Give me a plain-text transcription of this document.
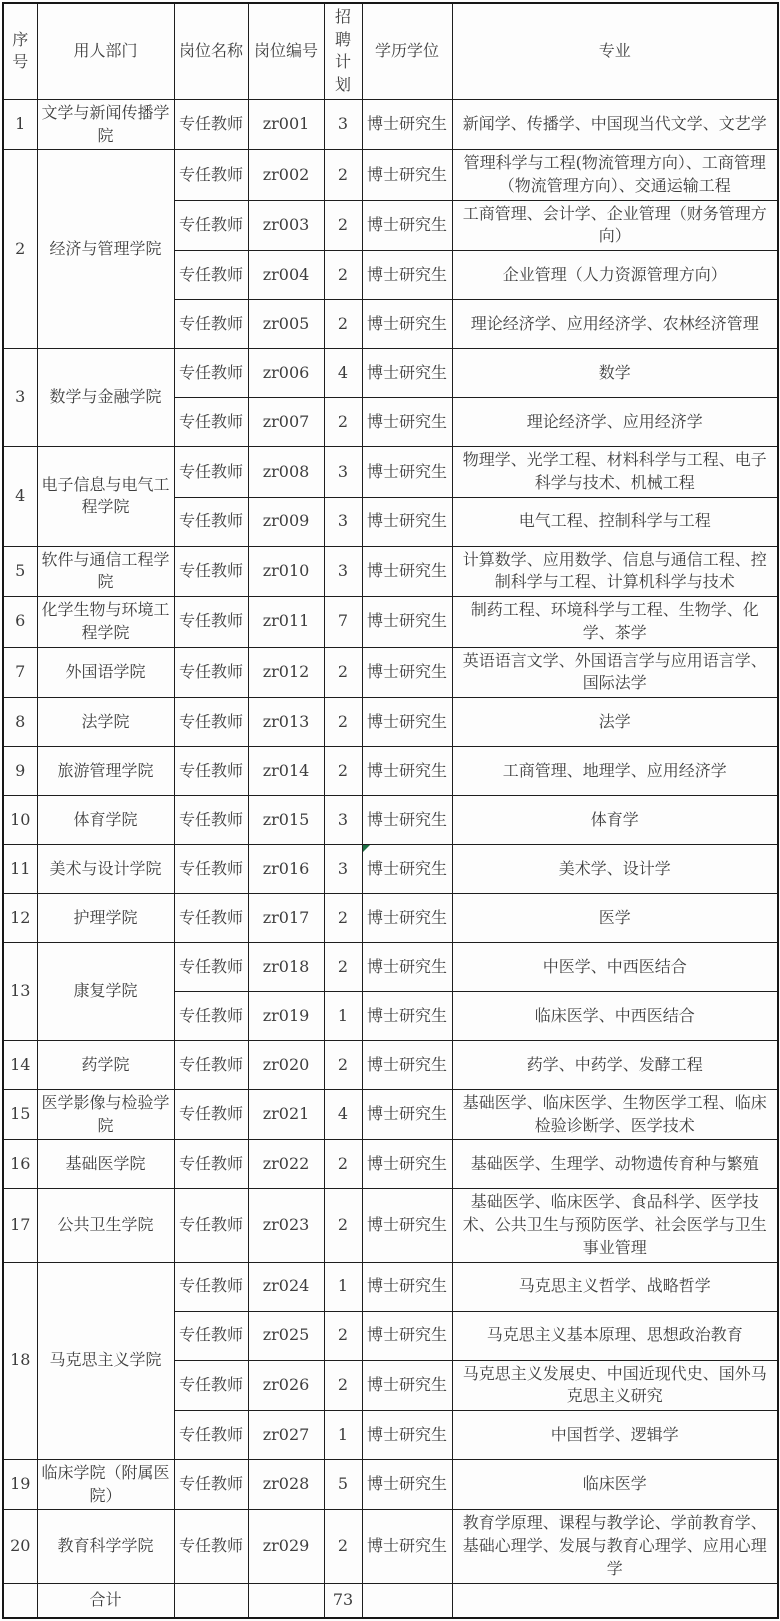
序号	用人部门	岗位名称	岗位编号	招聘计划	学历学位	专业
1	文学与新闻传播学院	专任教师	zr001	3	博士研究生	新闻学、传播学、中国现当代文学、文艺学
2	经济与管理学院	专任教师	zr002	2	博士研究生	管理科学与工程(物流管理方向）、工商管理（物流管理方向）、交通运输工程
		专任教师	zr003	2	博士研究生	工商管理、会计学、企业管理（财务管理方向）
		专任教师	zr004	2	博士研究生	企业管理（人力资源管理方向）
		专任教师	zr005	2	博士研究生	理论经济学、应用经济学、农林经济管理
3	数学与金融学院	专任教师	zr006	4	博士研究生	数学
		专任教师	zr007	2	博士研究生	理论经济学、应用经济学
4	电子信息与电气工程学院	专任教师	zr008	3	博士研究生	物理学、光学工程、材料科学与工程、电子科学与技术、机械工程
		专任教师	zr009	3	博士研究生	电气工程、控制科学与工程
5	软件与通信工程学院	专任教师	zr010	3	博士研究生	计算数学、应用数学、信息与通信工程、控制科学与工程、计算机科学与技术
6	化学生物与环境工程学院	专任教师	zr011	7	博士研究生	制药工程、环境科学与工程、生物学、化学、茶学
7	外国语学院	专任教师	zr012	2	博士研究生	英语语言文学、外国语言学与应用语言学、国际法学
8	法学院	专任教师	zr013	2	博士研究生	法学
9	旅游管理学院	专任教师	zr014	2	博士研究生	工商管理、地理学、应用经济学
10	体育学院	专任教师	zr015	3	博士研究生	体育学
11	美术与设计学院	专任教师	zr016	3	博士研究生	美术学、设计学
12	护理学院	专任教师	zr017	2	博士研究生	医学
13	康复学院	专任教师	zr018	2	博士研究生	中医学、中西医结合
		专任教师	zr019	1	博士研究生	临床医学、中西医结合
14	药学院	专任教师	zr020	2	博士研究生	药学、中药学、发酵工程
15	医学影像与检验学院	专任教师	zr021	4	博士研究生	基础医学、临床医学、生物医学工程、临床检验诊断学、医学技术
16	基础医学院	专任教师	zr022	2	博士研究生	基础医学、生理学、动物遗传育种与繁殖
17	公共卫生学院	专任教师	zr023	2	博士研究生	基础医学、临床医学、食品科学、医学技术、公共卫生与预防医学、社会医学与卫生事业管理
18	马克思主义学院	专任教师	zr024	1	博士研究生	马克思主义哲学、战略哲学
		专任教师	zr025	2	博士研究生	马克思主义基本原理、思想政治教育
		专任教师	zr026	2	博士研究生	马克思主义发展史、中国近现代史、国外马克思主义研究
		专任教师	zr027	1	博士研究生	中国哲学、逻辑学
19	临床学院（附属医院）	专任教师	zr028	5	博士研究生	临床医学
20	教育科学学院	专任教师	zr029	2	博士研究生	教育学原理、课程与教学论、学前教育学、基础心理学、发展与教育心理学、应用心理学
	合计			73		
